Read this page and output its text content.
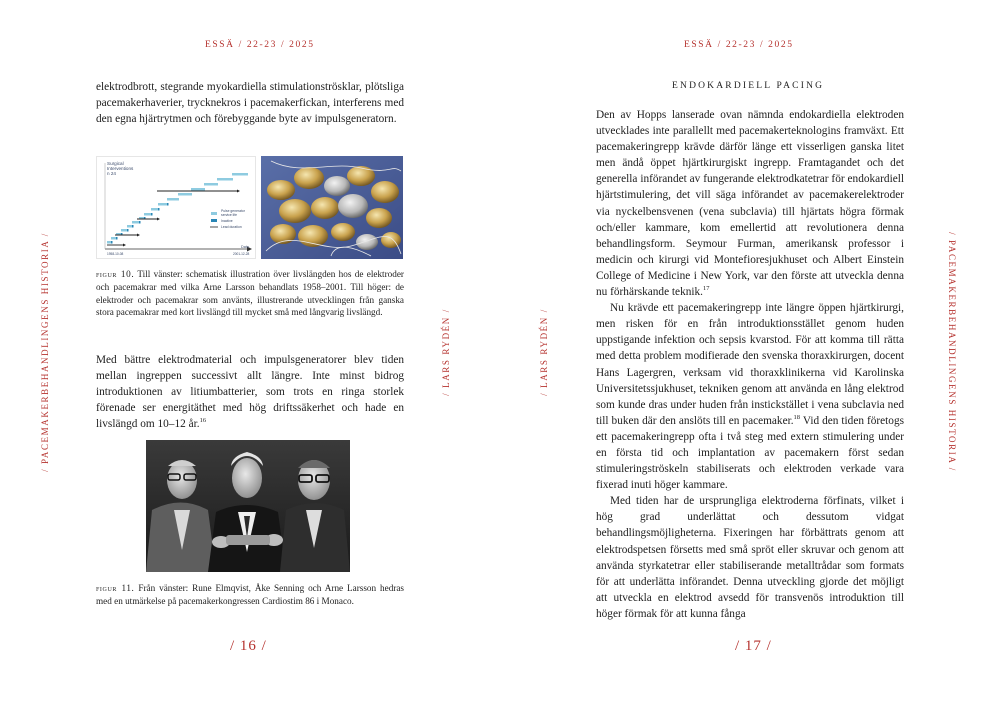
ESSÄ / 22-23 / 2025	ESSÄ / 22-23 / 2025
ENDOKARDIELL PACING
/ PACEMAKERBEHANDLINGENS HISTORIA /	/ LARS RYDÉN /	/ LARS RYDÉN /	/ PACEMAKERBEHANDLINGENS HISTORIA /
elektrodbrott, stegrande myokardiella stimulationströsklar, plötsliga pacemakerhaverier, trycknekros i pacemakerfickan, interferens med den egna hjärtrytmen och förebyggande byte av impulsgeneratorn.
Surgical
Interventions
n 24
Pulse generator
service life
Inactive
Lead duration
Date
1958-10-08	2001-12-28
figur 10. Till vänster: schematisk illustration över livslängden hos de elektroder och pacemakrar med vilka Arne Larsson behandlats 1958–2001. Till höger: de elektroder och pacemakrar som använts, illustrerande utvecklingen från ganska stora pacemakrar med kort livslängd till mycket små med långvarig livslängd.
Med bättre elektrodmaterial och impulsgeneratorer blev tiden mellan ingreppen successivt allt längre. Inte minst bidrog introduktionen av litiumbatterier, som trots en ringa storlek förenade ser energitäthet med hög driftssäkerhet och hade en livslängd om 10–12 år.$^{16}$
figur 11. Från vänster: Rune Elmqvist, Åke Senning och Arne Larsson hedras med en utmärkelse på pacemakerkongressen Cardiostim 86 i Monaco.

Den av Hopps lanserade ovan nämnda endokardiella elektroden utvecklades inte parallellt med pacemakerteknologins framväxt. Ett pacemakeringrepp krävde därför länge ett visserligen ganska litet men ändå öppet hjärtkirurgiskt ingrepp. Framtagandet och det generella införandet av fungerande elektrodkatetrar för endokardiell hjärtstimulering, det vill säga införandet av pacemakerelektroder via nyckelbensvenen (vena subclavia) till hjärtats högra förmak och/eller kammare, kom emellertid att revolutionera denna behandlingsform. Seymour Furman, amerikansk professor i medicin och kirurgi vid Montefioresjukhuset och Albert Einstein College of Medicine i New York, var den förste att utveckla denna nu förhärskande teknik.$^{17}$

Nu krävde ett pacemakeringrepp inte längre öppen hjärtkirurgi, men risken för en från introduktionsstället genom huden uppstigande infektion och sepsis kvarstod. För att komma till rätta med detta problem modifierade den svenska thoraxkirurgen, docent Hans Lagergren, verksam vid thoraxklinikerna vid Karolinska Universitetssjukhuset, tekniken genom att använda en lång elektrod som kunde dras under huden från instickstället i vena subclavia ned till buken där den anslöts till en pacemaker.$^{18}$ Vid den tiden företogs ett pacemakeringrepp ofta i två steg med extern stimulering under en första tid och implantation av pacemakern först sedan stimuleringströskeln stabiliserats och elektroden verkade vara fixerad inuti höger kammare.

Med tiden har de ursprungliga elektroderna förfinats, vilket i hög grad underlättat och dessutom vidgat behandlingsmöjligheterna. Fixeringen har förbättrats genom att elektrodspetsen försetts med små spröt eller skruvar och genom att använda styrkatetrar eller stabiliserande metalltrådar som formats för att underlätta införandet. Denna utveckling gjorde det möjligt att utveckla en elektrod avsedd för transvenös introduktion till höger förmak för att kunna fånga

/ 16 /	/ 17 /
